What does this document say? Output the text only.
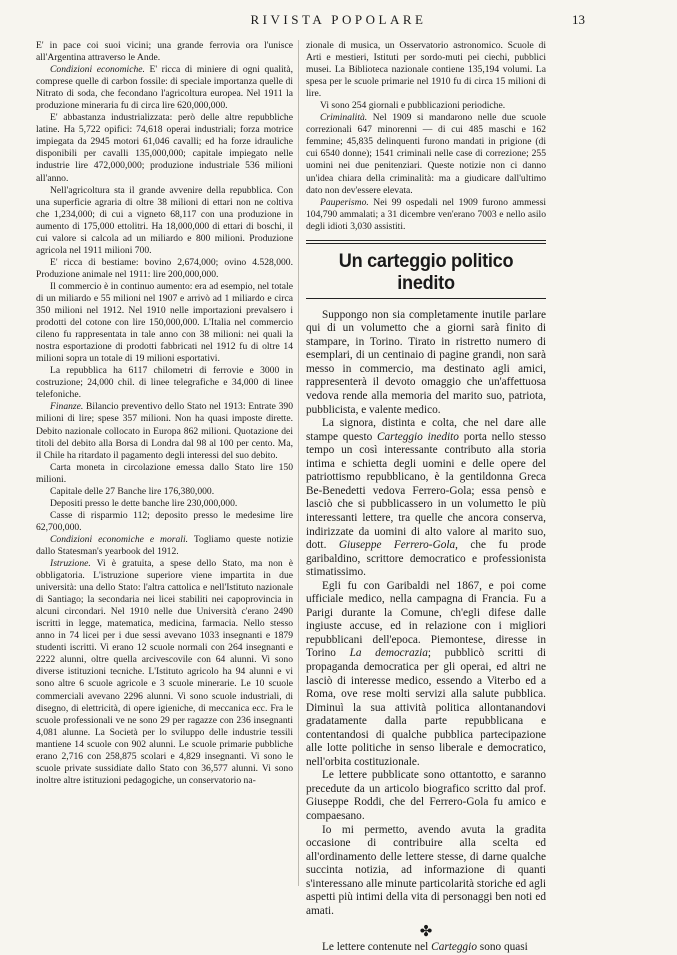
RIVISTA POPOLARE	13

E' in pace coi suoi vicini; una grande ferrovia ora l'unisce all'Argentina attraverso le Ande.

Condizioni economiche. E' ricca di miniere di ogni qualità, comprese quelle di carbon fossile: di speciale importanza quelle di Nitrato di soda, che fecondano l'agricoltura europea. Nel 1911 la produzione mineraria fu di circa lire 620,000,000.

E' abbastanza industrializzata: però delle altre repubbliche latine. Ha 5,722 opifici: 74,618 operai industriali; forza motrice impiegata da 2945 motori 61,046 cavalli; ed ha forze idrauliche disponibili per cavalli 135,000,000; capitale impiegato nelle industrie lire 472,000,000; produzione industriale 536 milioni all'anno.

Nell'agricoltura sta il grande avvenire della repubblica. Con una superficie agraria di oltre 38 milioni di ettari non ne coltiva che 1,234,000; di cui a vigneto 68,117 con una produzione in aumento di 175,000 ettolitri. Ha 18,000,000 di ettari di boschi, il cui valore si calcola ad un miliardo e 800 milioni. Produzione agricola nel 1911 milioni 700.

E' ricca di bestiame: bovino 2,674,000; ovino 4.528,000. Produzione animale nel 1911: lire 200,000,000.

Il commercio è in continuo aumento: era ad esempio, nel totale di un miliardo e 55 milioni nel 1907 e arrivò ad 1 miliardo e circa 350 milioni nel 1912. Nel 1910 nelle importazioni prevalsero i prodotti del cotone con lire 150,000,000. L'Italia nel commercio cileno fu rappresentata in tale anno con 38 milioni: nei quali la nostra esportazione di prodotti fabbricati nel 1912 fu di oltre 14 milioni sopra un totale di 19 milioni esportativi.

La repubblica ha 6117 chilometri di ferrovie e 3000 in costruzione; 24,000 chil. di linee telegrafiche e 34,000 di linee telefoniche.

Finanze. Bilancio preventivo dello Stato nel 1913: Entrate 390 milioni di lire; spese 357 milioni. Non ha quasi imposte dirette. Debito nazionale collocato in Europa 862 milioni. Quotazione dei titoli del debito alla Borsa di Londra dal 98 al 100 per cento. Ma, il Chile ha ritardato il pagamento degli interessi del suo debito.

Carta moneta in circolazione emessa dallo Stato lire 150 milioni.

Capitale delle 27 Banche lire 176,380,000.

Depositi presso le dette banche lire 230,000,000.

Casse di risparmio 112; deposito presso le medesime lire 62,700,000.

Condizioni economiche e morali. Togliamo queste notizie dallo Statesman's yearbook del 1912.

Istruzione. Vi è gratuita, a spese dello Stato, ma non è obbligatoria. L'istruzione superiore viene impartita in due università: una dello Stato: l'altra cattolica e nell'Istituto nazionale di Santiago; la secondaria nei licei stabiliti nei capoprovincia in alcuni circondari. Nel 1910 nelle due Università c'erano 2490 iscritti in legge, matematica, medicina, farmacia. Nello stesso anno in 74 licei per i due sessi avevano 1033 insegnanti e 1879 studenti iscritti. Vi erano 12 scuole normali con 264 insegnanti e 2222 alunni, oltre quella arcivescovile con 64 alunni. Vi sono diverse istituzioni tecniche. L'Istituto agricolo ha 94 alunni e vi sono altre 6 scuole agricole e 3 scuole minerarie. Le 10 scuole commerciali avevano 2296 alunni. Vi sono scuole industriali, di disegno, di elettricità, di opere igieniche, di meccanica ecc. Fra le scuole professionali ve ne sono 29 per ragazze con 236 insegnanti 4,081 alunne. La Società per lo sviluppo delle industrie tessili mantiene 14 scuole con 902 alunni. Le scuole primarie pubbliche erano 2,716 con 258,875 scolari e 4,829 insegnanti. Vi sono le scuole private sussidiate dallo Stato con 36,577 alunni. Vi sono inoltre altre istituzioni pedagogiche, un conservatorio na-

zionale di musica, un Osservatorio astronomico. Scuole di Arti e mestieri, Istituti per sordo-muti pei ciechi, pubblici musei. La Biblioteca nazionale contiene 135,194 volumi. La spesa per le scuole primarie nel 1910 fu di circa 15 milioni di lire.

Vi sono 254 giornali e pubblicazioni periodiche.

Criminalità. Nel 1909 si mandarono nelle due scuole correzionali 647 minorenni — di cui 485 maschi e 162 femmine; 45,835 delinquenti furono mandati in prigione (di cui 6540 donne); 1541 criminali nelle case di correzione; 255 uomini nei due penitenziari. Queste notizie non ci danno un'idea chiara della criminalità: ma a giudicare dall'ultimo dato non dev'essere elevata.

Pauperismo. Nei 99 ospedali nel 1909 furono ammessi 104,790 ammalati; a 31 dicembre ven'erano 7003 e nello asilo degli idioti 3,030 assistiti.

Un carteggio politico inedito

Suppongo non sia completamente inutile parlare qui di un volumetto che a giorni sarà finito di stampare, in Torino. Tirato in ristretto numero di esemplari, di un centinaio di pagine grandi, non sarà messo in commercio, ma destinato agli amici, rappresenterà il devoto omaggio che un'affettuosa vedova rende alla memoria del marito suo, patriota, pubblicista, e valente medico.

La signora, distinta e colta, che nel dare alle stampe questo Carteggio inedito porta nello stesso tempo un così interessante contributo alla storia intima e schietta degli uomini e delle opere del patriottismo repubblicano, è la gentildonna Greca Be-Benedetti vedova Ferrero-Gola; essa pensò e lasciò che si pubblicassero in un volumetto le più interessanti lettere, tra quelle che ancora conserva, indirizzate da uomini di alto valore al marito suo, dott. Giuseppe Ferrero-Gola, che fu prode garibaldino, scrittore democratico e professionista stimatissimo.

Egli fu con Garibaldi nel 1867, e poi come ufficiale medico, nella campagna di Francia. Fu a Parigi durante la Comune, ch'egli difese dalle ingiuste accuse, ed in relazione con i migliori repubblicani dell'epoca. Piemontese, diresse in Torino La democrazia; pubblicò scritti di propaganda democratica per gli operai, ed altri ne lasciò di interesse medico, essendo a Viterbo ed a Roma, ove rese molti servizi alla salute pubblica. Diminuì la sua attività politica allontanandovi gradatamente dalla parte repubblicana e contentandosi di qualche pubblica partecipazione alle lotte politiche in senso liberale e democratico, nell'orbita costituzionale.

Le lettere pubblicate sono ottantotto, e saranno precedute da un articolo biografico scritto dal prof. Giuseppe Roddi, che del Ferrero-Gola fu amico e compaesano.

Io mi permetto, avendo avuta la gradita occasione di contribuire alla scelta ed all'ordinamento delle lettere stesse, di darne qualche succinta notizia, ad informazione di quanti s'interessano alle minute particolarità storiche ed agli aspetti più intimi della vita di personaggi ben noti ed amati.

✤

Le lettere contenute nel Carteggio sono quasi
